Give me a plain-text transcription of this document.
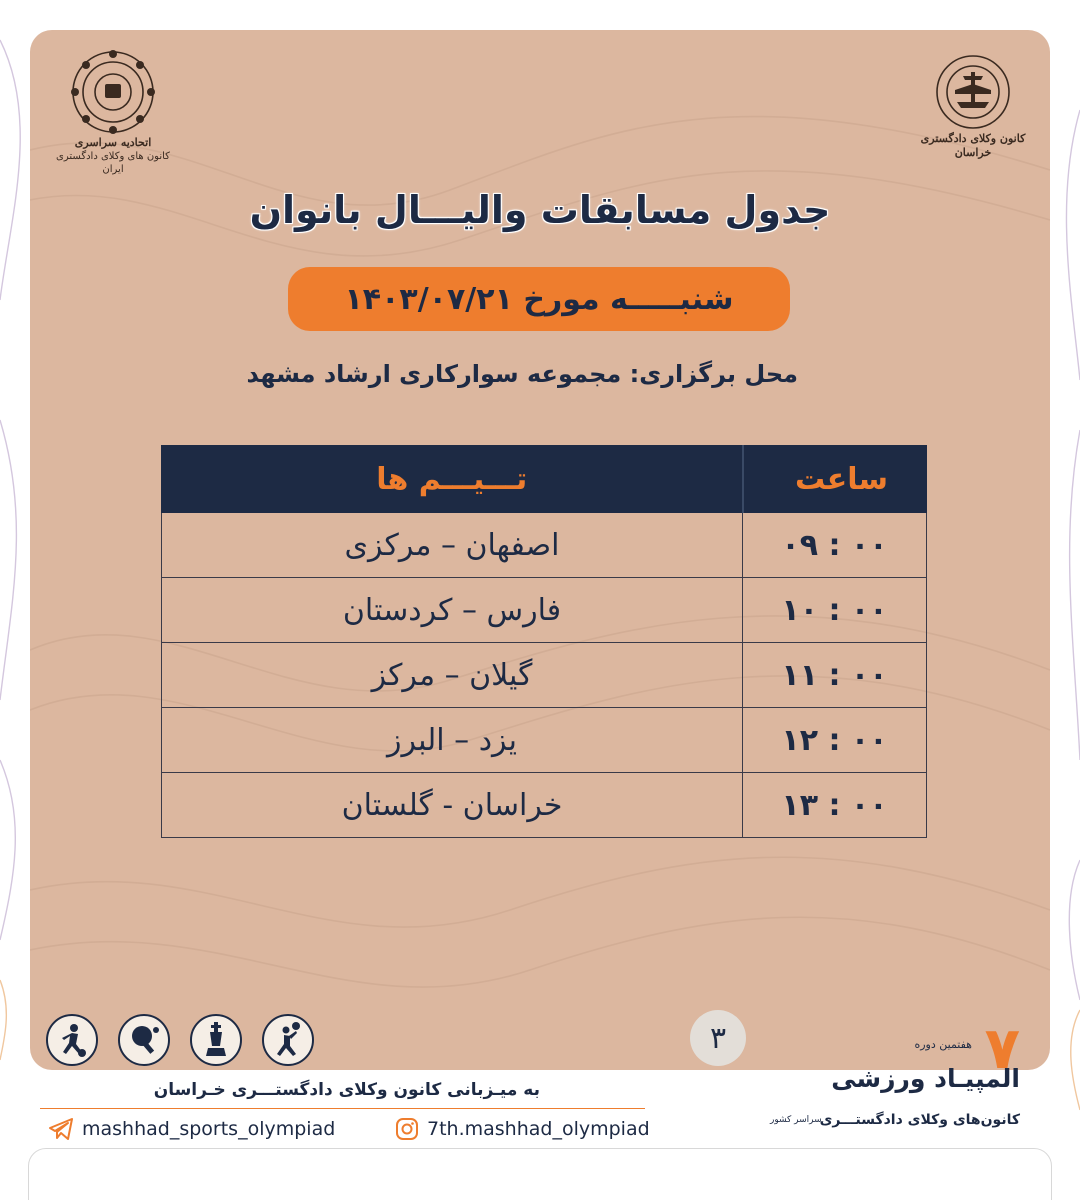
اتحادیه سراسری
کانون های وکلای دادگستری ایران
کانون وکلای دادگستری خراسان
جدول مسابقات والیـــال بانوان
شنبـــــه مورخ ۱۴۰۳/۰۷/۲۱
محل برگزاری: مجموعه سوارکاری ارشاد مشهد
ساعت	تـــیـــم ها
۰۹ : ۰۰	اصفهان – مرکزی
۱۰ : ۰۰	فارس – کردستان
۱۱ : ۰۰	گیلان – مرکز
۱۲ : ۰۰	یزد – البرز
۱۳ : ۰۰	خراسان - گلستان
۳
به میـزبانی کانون وکلای دادگستـــری خـراسان
mashhad_sports_olympiad	7th.mashhad_olympiad
۷
هفتمین دوره
المپیـاد ورزشی
کانون‌های وکلای دادگستـــری
سراسر کشور
